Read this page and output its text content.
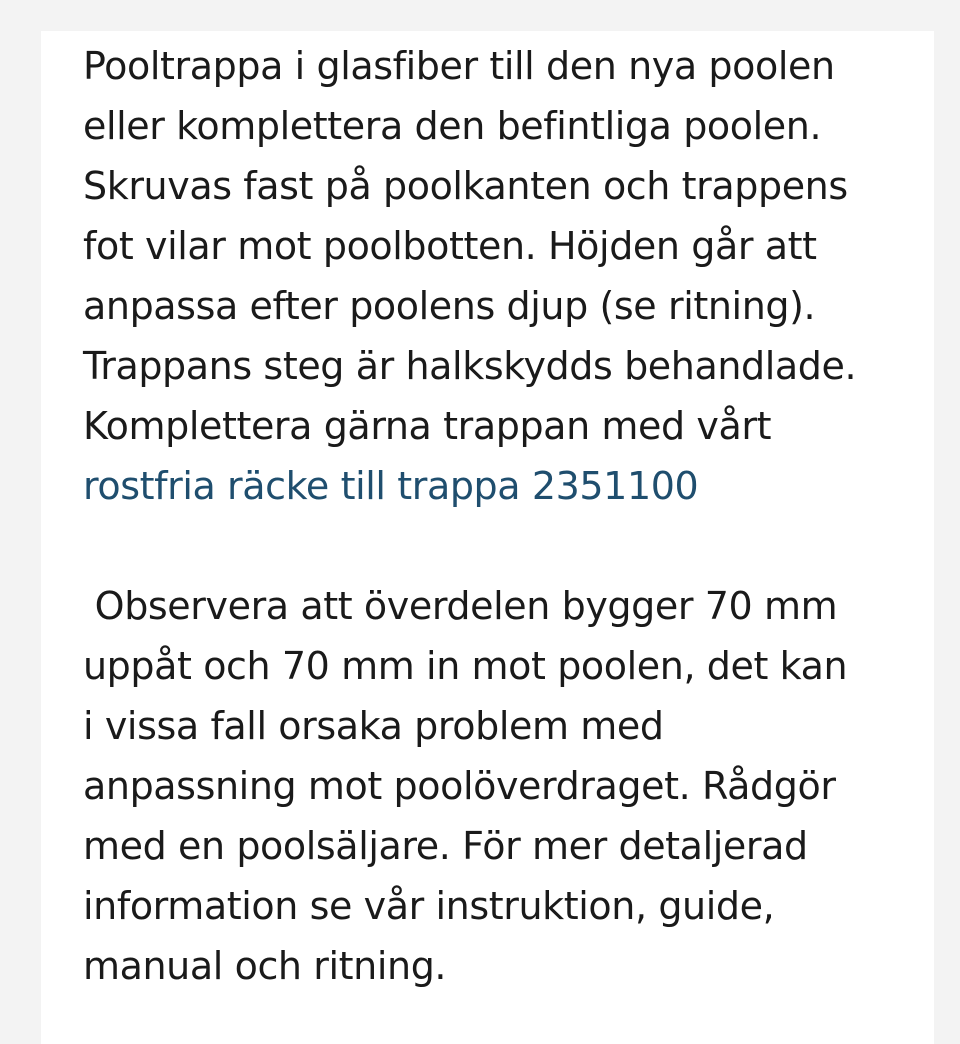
Pooltrappa i glasfiber till den nya poolen
eller komplettera den befintliga poolen.
Skruvas fast på poolkanten och trappens
fot vilar mot poolbotten. Höjden går att
anpassa efter poolens djup (se ritning).
Trappans steg är halkskydds behandlade.
Komplettera gärna trappan med vårt
rostfria räcke till trappa 2351100
Observera att överdelen bygger 70 mm
uppåt och 70 mm in mot poolen, det kan
i vissa fall orsaka problem med
anpassning mot poolöverdraget. Rådgör
med en poolsäljare. För mer detaljerad
information se vår instruktion, guide,
manual och ritning.
